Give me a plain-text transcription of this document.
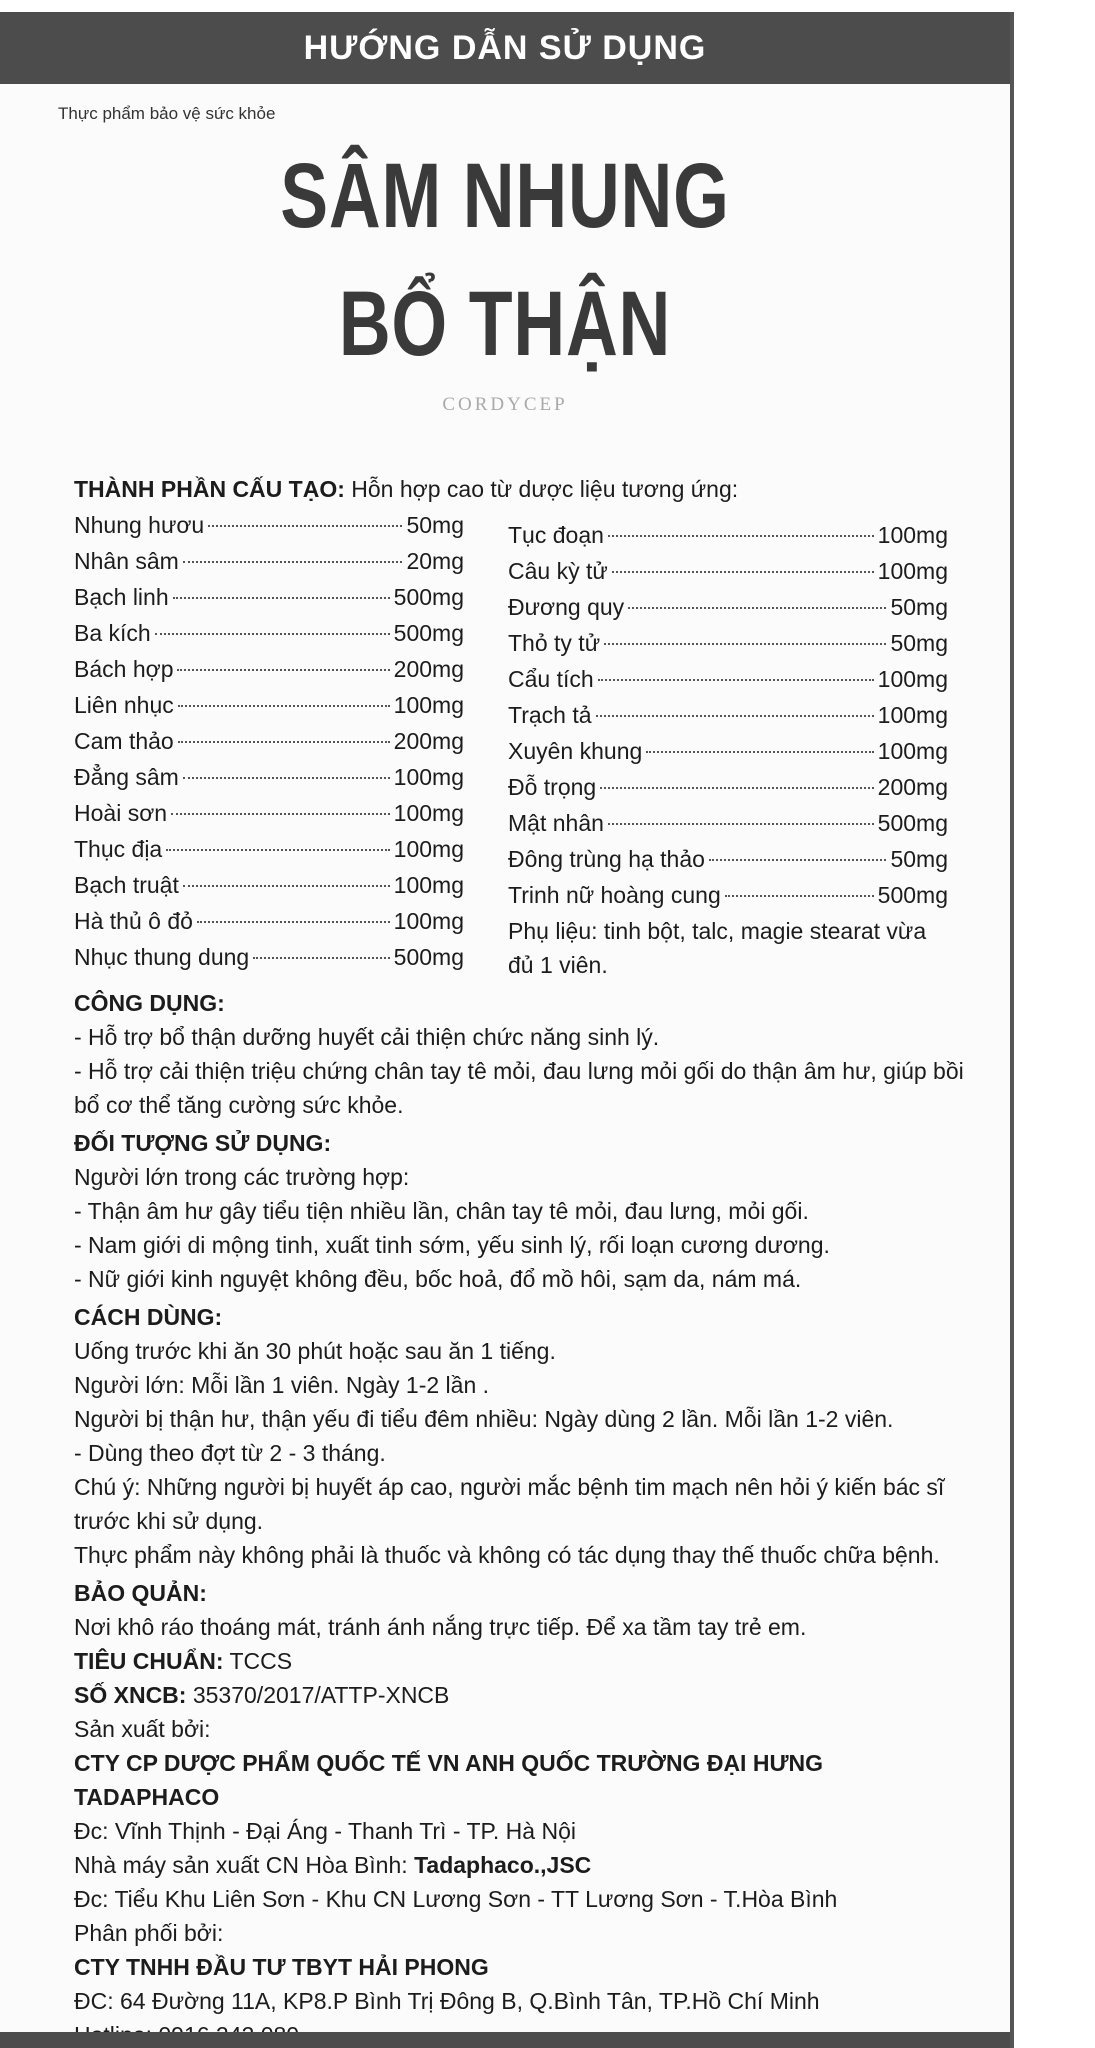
HƯỚNG DẪN SỬ DỤNG
Thực phẩm bảo vệ sức khỏe
SÂM NHUNG
BỔ THẬN
CORDYCEP
THÀNH PHẦN CẤU TẠO: Hỗn hợp cao từ dược liệu tương ứng:
Nhung hươu	50mg
Nhân sâm	20mg
Bạch linh	500mg
Ba kích	500mg
Bách hợp	200mg
Liên nhục	100mg
Cam thảo	200mg
Đẳng sâm	100mg
Hoài sơn	100mg
Thục địa	100mg
Bạch truật	100mg
Hà thủ ô đỏ	100mg
Nhục thung dung	500mg
Tục đoạn	100mg
Câu kỳ tử	100mg
Đương quy	50mg
Thỏ ty tử	50mg
Cẩu tích	100mg
Trạch tả	100mg
Xuyên khung	100mg
Đỗ trọng	200mg
Mật nhân	500mg
Đông trùng hạ thảo	50mg
Trinh nữ hoàng cung	500mg
Phụ liệu: tinh bột, talc, magie stearat vừa đủ 1 viên.
CÔNG DỤNG:
- Hỗ trợ bổ thận dưỡng huyết cải thiện chức năng sinh lý.
- Hỗ trợ cải thiện triệu chứng chân tay tê mỏi, đau lưng mỏi gối do thận âm hư, giúp bồi bổ cơ thể tăng cường sức khỏe.
ĐỐI TƯỢNG SỬ DỤNG:
Người lớn trong các trường hợp:
- Thận âm hư gây tiểu tiện nhiều lần, chân tay tê mỏi, đau lưng, mỏi gối.
- Nam giới di mộng tinh, xuất tinh sớm, yếu sinh lý, rối loạn cương dương.
- Nữ giới kinh nguyệt không đều, bốc hoả, đổ mồ hôi, sạm da, nám má.
CÁCH DÙNG:
Uống trước khi ăn 30 phút hoặc sau ăn 1 tiếng.
Người lớn: Mỗi lần 1 viên. Ngày 1-2 lần .
Người bị thận hư, thận yếu đi tiểu đêm nhiều: Ngày dùng 2 lần. Mỗi lần 1-2 viên.
- Dùng theo đợt từ 2 - 3 tháng.
Chú ý: Những người bị huyết áp cao, người mắc bệnh tim mạch nên hỏi ý kiến bác sĩ trước khi sử dụng.
Thực phẩm này không phải là thuốc và không có tác dụng thay thế thuốc chữa bệnh.
BẢO QUẢN:
Nơi khô ráo thoáng mát, tránh ánh nắng trực tiếp. Để xa tầm tay trẻ em.
TIÊU CHUẨN: TCCS
SỐ XNCB: 35370/2017/ATTP-XNCB
Sản xuất bởi:
CTY CP DƯỢC PHẨM QUỐC TẾ VN ANH QUỐC TRƯỜNG ĐẠI HƯNG TADAPHACO
Đc: Vĩnh Thịnh - Đại Áng - Thanh Trì - TP. Hà Nội
Nhà máy sản xuất CN Hòa Bình: Tadaphaco.,JSC
Đc: Tiểu Khu Liên Sơn - Khu CN Lương Sơn - TT Lương Sơn - T.Hòa Bình
Phân phối bởi:
CTY TNHH ĐẦU TƯ TBYT HẢI PHONG
ĐC: 64 Đường 11A, KP8.P Bình Trị Đông B, Q.Bình Tân, TP.Hồ Chí Minh
